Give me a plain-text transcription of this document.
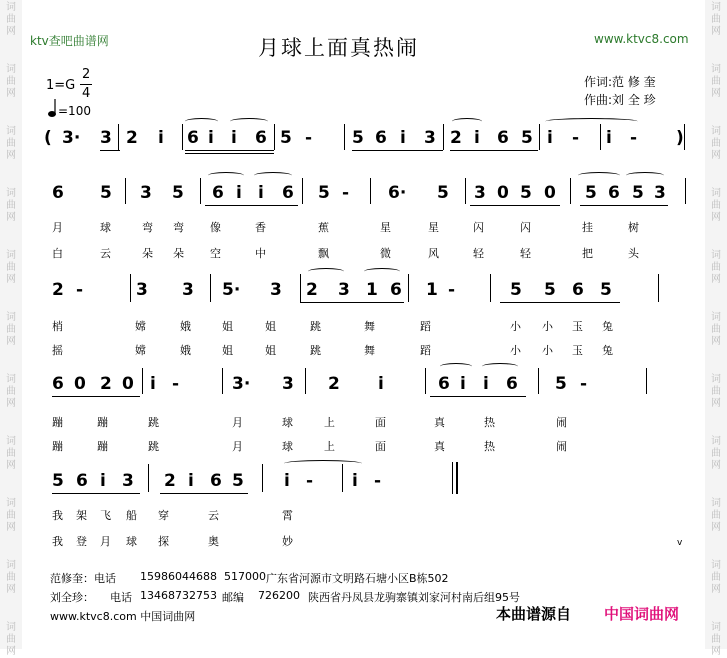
词
曲
网
词
曲
网
词
曲
网
词
曲
网
词
曲
网
词
曲
网
词
曲
网
词
曲
网
词
曲
网
词
曲
网
词
曲
网
词
曲
网
词
曲
网
词
曲
网
词
曲
网
词
曲
网
词
曲
网
词
曲
网
词
曲
网
词
曲
网
词
曲
网
词
曲
网
ktv查吧曲谱网	www.ktvc8.com
月球上面真热闹
1=G
2
4
=100
作词:范 修 奎
作曲:刘 全 珍
( 3· 3 2 i 6 i i 6 5 - 5 6 i 3 2 i 6 5 i - i - )
6 5 3 5 6 i i 6 5 - 6· 5 3 0 5 0 5 6 5 3
月	球	弯 弯 像	香	蕉	星	星	闪	闪	挂	树
白	云	朵 朵 空	中	飘	微	风	轻	轻	把	头
2 -	3 3 5· 3 2 3 1 6 1 -	5 5 6 5
梢	嫦	娥	姐	姐	跳	舞	蹈	小 小 玉 兔
摇	嫦	娥	姐	姐	跳	舞	蹈	小 小 玉 兔
6 0 2 0 i -	3· 3 2 i	6 i i 6 5 -
蹦	蹦	跳	月	球	上	面	真	热	闹
蹦	蹦	跳	月	球	上	面	真	热	闹
5 6 i 3 2 i 6 5 i - i -
我 架 飞 船 穿	云	霄
我 登 月 球 探	奥	妙	v
范修奎：电话 15986044688 517000 广东省河源市文明路石塘小区B栋502
刘全珍： 电话 13468732753 邮编 726200 陕西省丹凤县龙驹寨镇刘家河村南后组95号
www.ktvc8.com 中国词曲网	本曲谱源自 中国词曲网
